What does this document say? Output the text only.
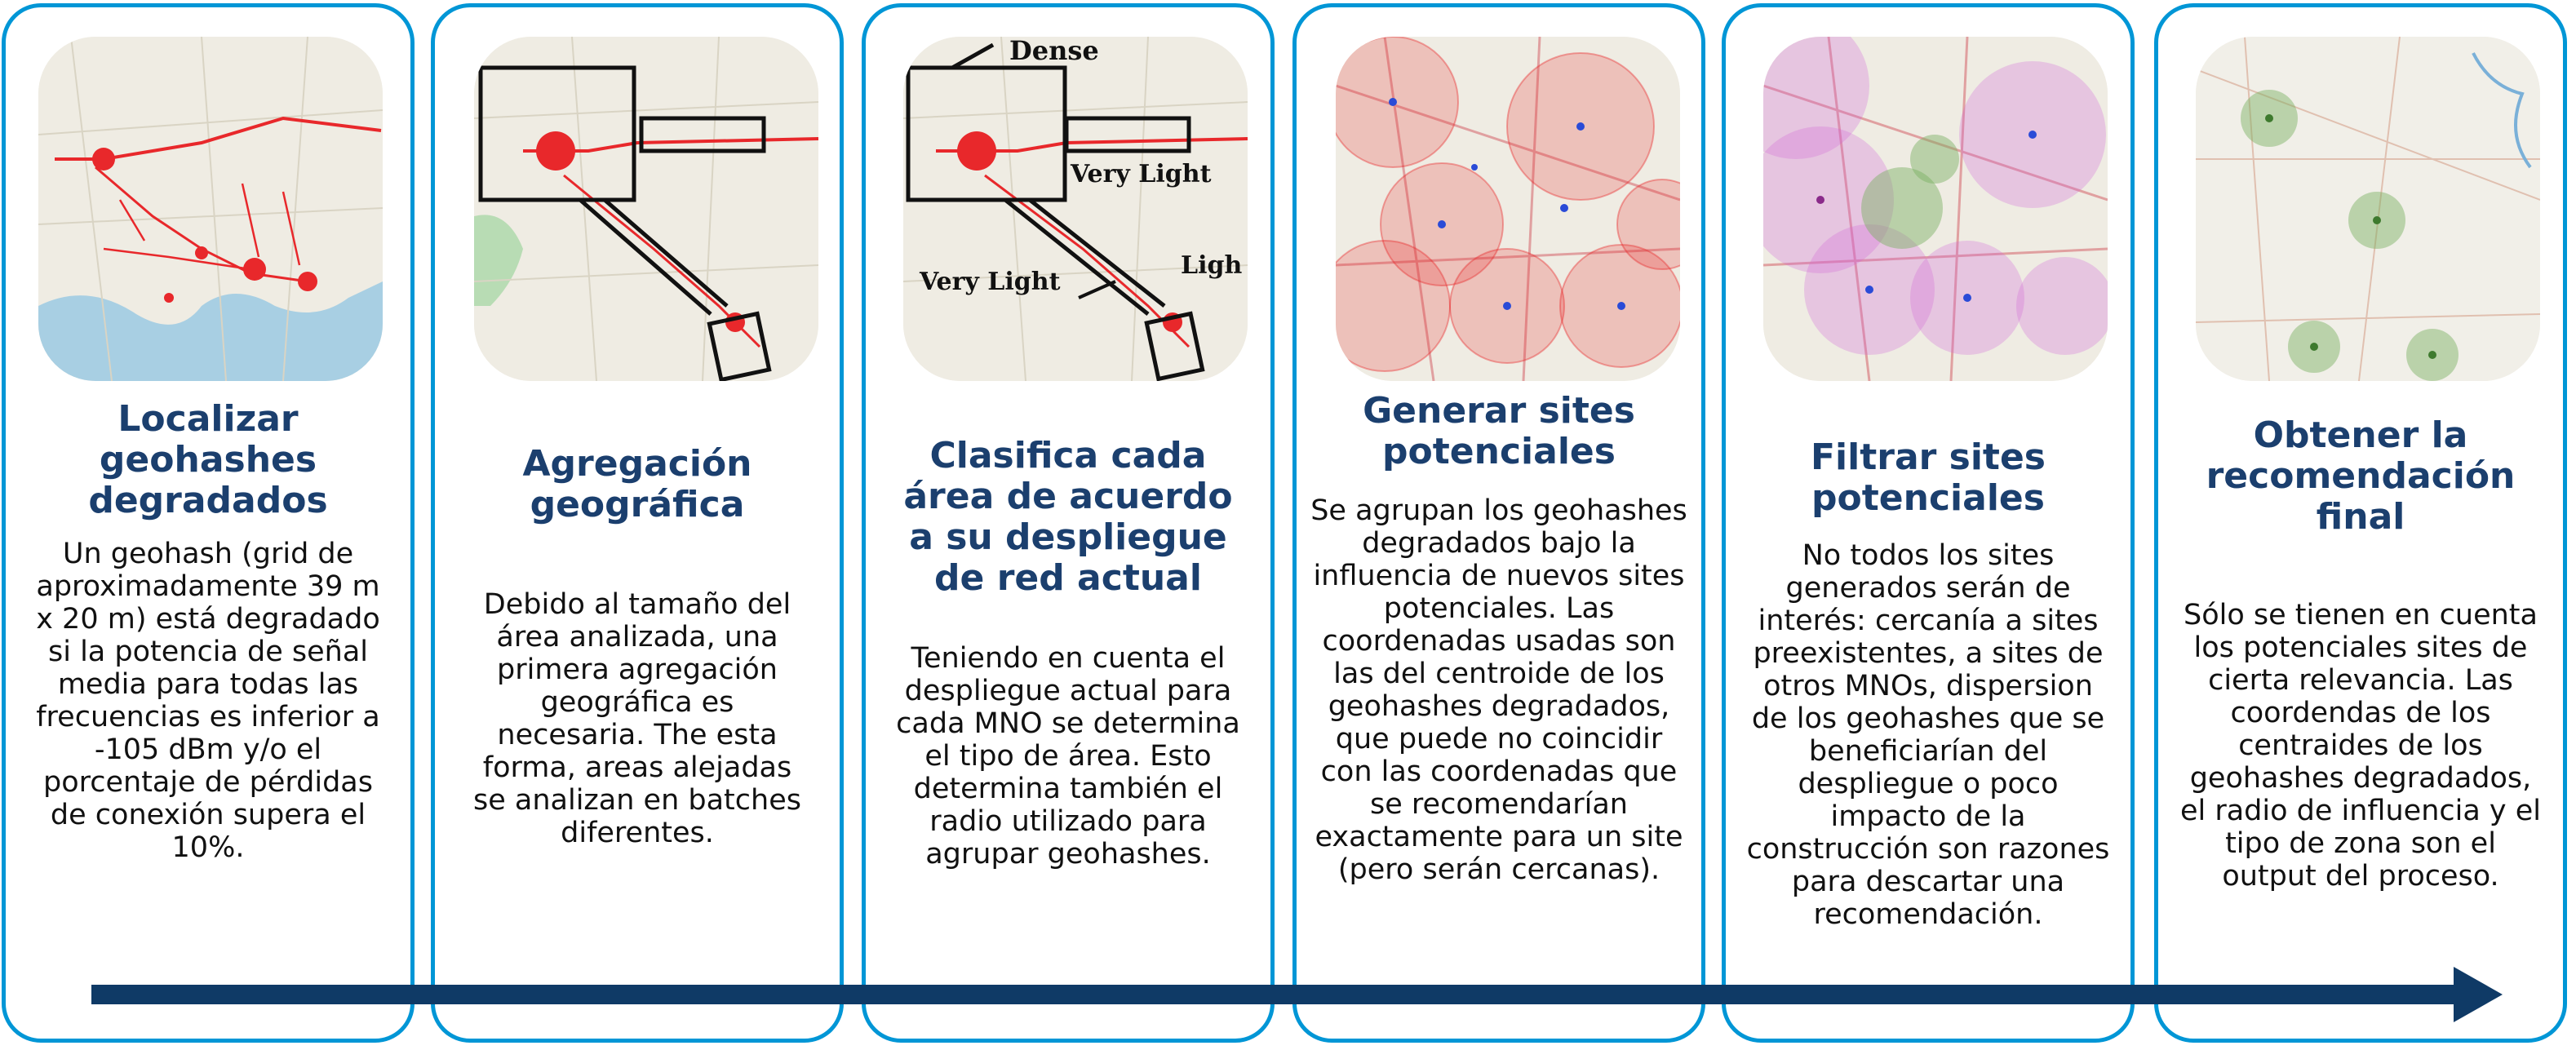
Localizar geohashes degradados
Un geohash (grid de aproximadamente 39 m x 20 m) está degradado si la potencia de señal media para todas las frecuencias es inferior a -105 dBm y/o el porcentaje de pérdidas de conexión supera el 10%.
Agregación geográfica
Debido al tamaño del área analizada, una primera agregación geográfica es necesaria. The esta forma, areas alejadas se analizan en batches diferentes.
Dense
Very Light
Very Light
Ligh
Clasifica cada área de acuerdo a su despliegue de red actual
Teniendo en cuenta el despliegue actual para cada MNO se determina el tipo de área. Esto determina también el radio utilizado para agrupar geohashes.
Generar sites potenciales
Se agrupan los geohashes degradados bajo la influencia de nuevos sites potenciales. Las coordenadas usadas son las del centroide de los geohashes degradados, que puede no coincidir con las coordenadas que se recomendarían exactamente para un site (pero serán cercanas).
Filtrar sites potenciales
No todos los sites generados serán de interés: cercanía a sites preexistentes, a sites de otros MNOs, dispersion de los geohashes que se beneficiarían del despliegue o poco impacto de la construcción son razones para descartar una recomendación.
Obtener la recomendación final
Sólo se tienen en cuenta los potenciales sites de cierta relevancia. Las coordendas de los centraides de los geohashes degradados, el radio de influencia y el tipo de zona son el output del proceso.
